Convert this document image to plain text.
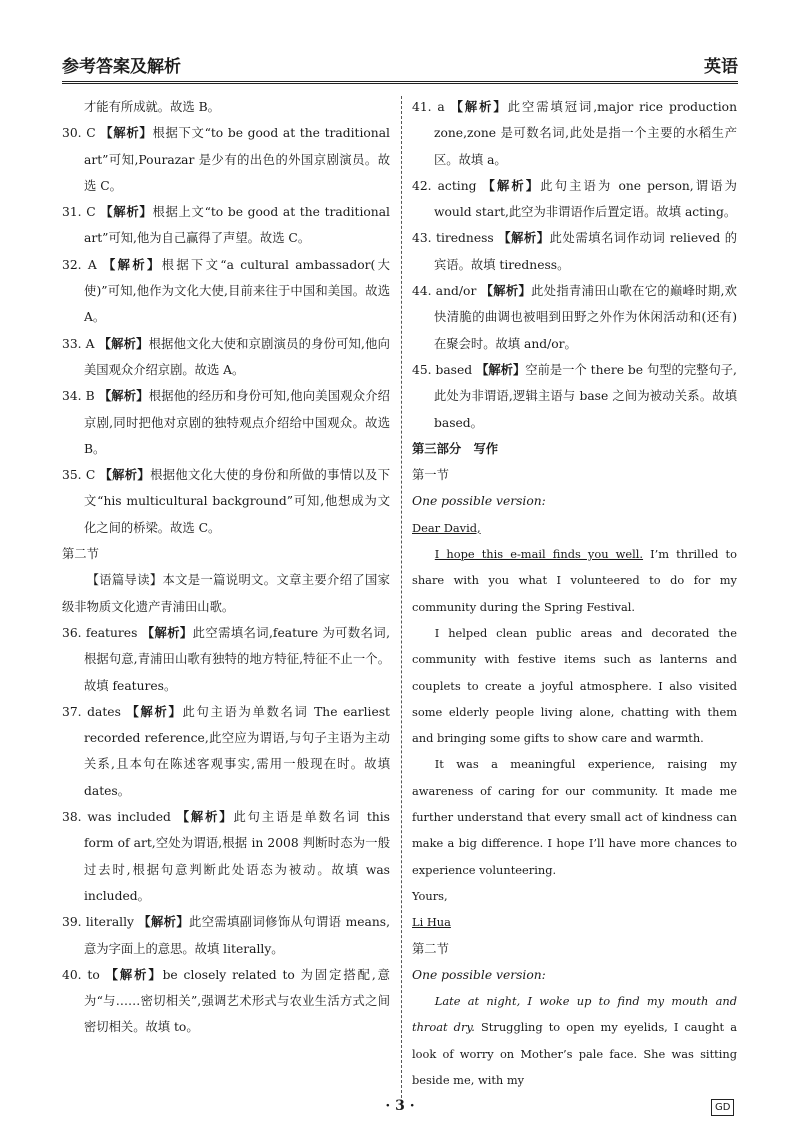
参考答案及解析	英语

才能有所成就。故选 B。

30. C 【解析】根据下文“to be good at the traditional art”可知,Pourazar 是少有的出色的外国京剧演员。故选 C。

31. C 【解析】根据上文“to be good at the traditional art”可知,他为自己赢得了声望。故选 C。

32. A 【解析】根据下文“a cultural ambassador(大使)”可知,他作为文化大使,目前来往于中国和美国。故选 A。

33. A 【解析】根据他文化大使和京剧演员的身份可知,他向美国观众介绍京剧。故选 A。

34. B 【解析】根据他的经历和身份可知,他向美国观众介绍京剧,同时把他对京剧的独特观点介绍给中国观众。故选 B。

35. C 【解析】根据他文化大使的身份和所做的事情以及下文“his multicultural background”可知,他想成为文化之间的桥梁。故选 C。

第二节

【语篇导读】本文是一篇说明文。文章主要介绍了国家级非物质文化遗产青浦田山歌。

36. features 【解析】此空需填名词,feature 为可数名词,根据句意,青浦田山歌有独特的地方特征,特征不止一个。故填 features。

37. dates 【解析】此句主语为单数名词 The earliest recorded reference,此空应为谓语,与句子主语为主动关系,且本句在陈述客观事实,需用一般现在时。故填 dates。

38. was included 【解析】此句主语是单数名词 this form of art,空处为谓语,根据 in 2008 判断时态为一般过去时,根据句意判断此处语态为被动。故填 was included。

39. literally 【解析】此空需填副词修饰从句谓语 means,意为字面上的意思。故填 literally。

40. to 【解析】be closely related to 为固定搭配,意为“与……密切相关”,强调艺术形式与农业生活方式之间密切相关。故填 to。

41. a 【解析】此空需填冠词,major rice production zone,zone 是可数名词,此处是指一个主要的水稻生产区。故填 a。

42. acting 【解析】此句主语为 one person,谓语为 would start,此空为非谓语作后置定语。故填 acting。

43. tiredness 【解析】此处需填名词作动词 relieved 的宾语。故填 tiredness。

44. and/or 【解析】此处指青浦田山歌在它的巅峰时期,欢快清脆的曲调也被唱到田野之外作为休闲活动和(还有)在聚会时。故填 and/or。

45. based 【解析】空前是一个 there be 句型的完整句子,此处为非谓语,逻辑主语与 base 之间为被动关系。故填 based。

第三部分　写作

第一节

One possible version:

Dear David,

I hope this e-mail finds you well. I’m thrilled to share with you what I volunteered to do for my community during the Spring Festival.

I helped clean public areas and decorated the community with festive items such as lanterns and couplets to create a joyful atmosphere. I also visited some elderly people living alone, chatting with them and bringing some gifts to show care and warmth.

It was a meaningful experience, raising my awareness of caring for our community. It made me further understand that every small act of kindness can make a big difference. I hope I’ll have more chances to experience volunteering.

Yours,

Li Hua

第二节

One possible version:

Late at night, I woke up to find my mouth and throat dry. Struggling to open my eyelids, I caught a look of worry on Mother’s pale face. She was sitting beside me, with my

· 3 ·	GD
